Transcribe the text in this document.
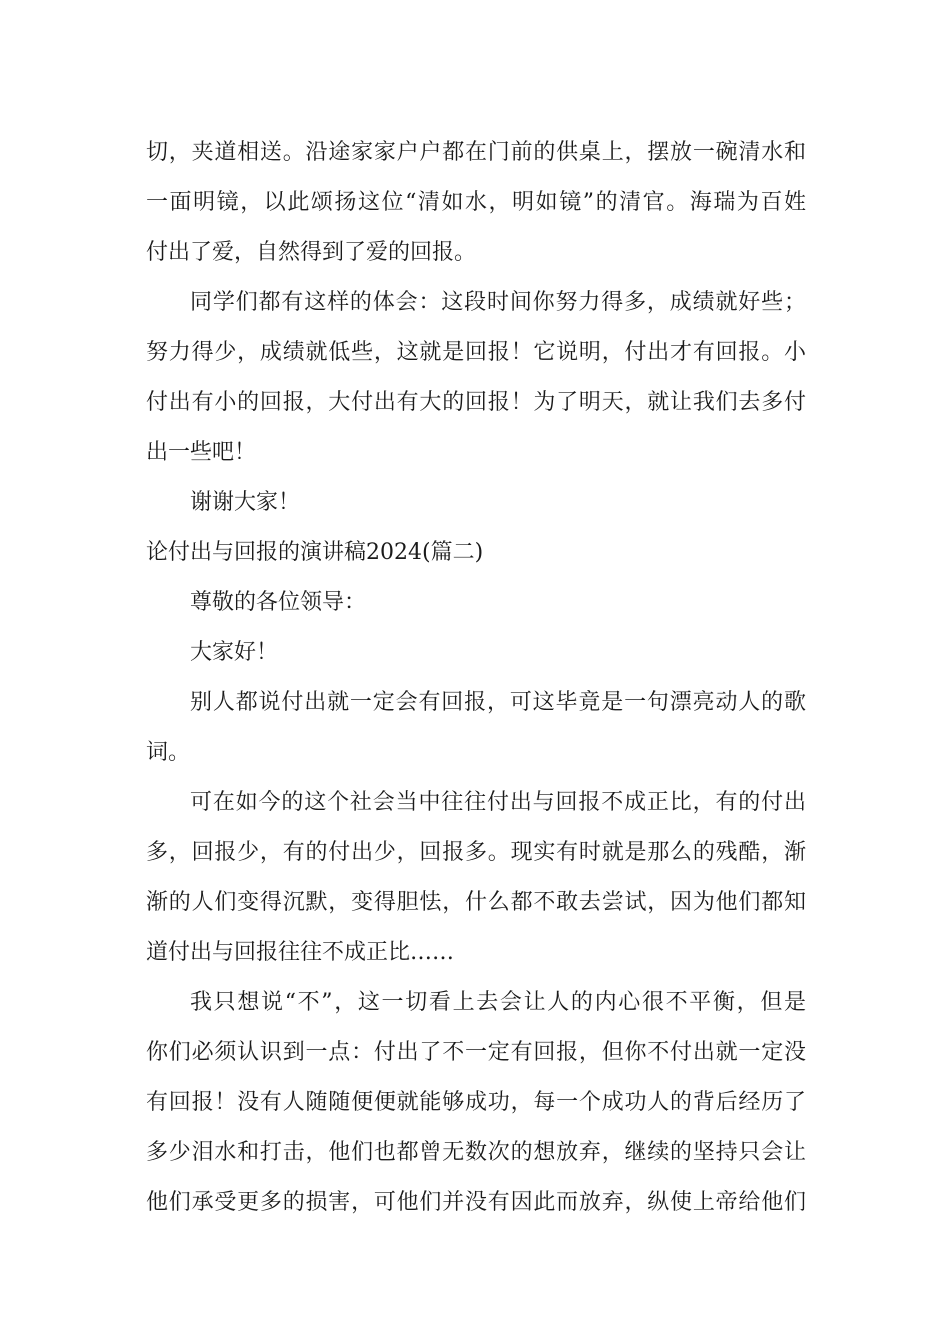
切，夹道相送。沿途家家户户都在门前的供桌上，摆放一碗清水和
一面明镜，以此颂扬这位“清如水，明如镜”的清官。海瑞为百姓
付出了爱，自然得到了爱的回报。
同学们都有这样的体会：这段时间你努力得多，成绩就好些；
努力得少，成绩就低些，这就是回报！它说明，付出才有回报。小
付出有小的回报，大付出有大的回报！为了明天，就让我们去多付
出一些吧！
谢谢大家！
论付出与回报的演讲稿2024(篇二)
尊敬的各位领导：
大家好！
别人都说付出就一定会有回报，可这毕竟是一句漂亮动人的歌
词。
可在如今的这个社会当中往往付出与回报不成正比，有的付出
多，回报少，有的付出少，回报多。现实有时就是那么的残酷，渐
渐的人们变得沉默，变得胆怯，什么都不敢去尝试，因为他们都知
道付出与回报往往不成正比……
我只想说“不”，这一切看上去会让人的内心很不平衡，但是
你们必须认识到一点：付出了不一定有回报，但你不付出就一定没
有回报！没有人随随便便就能够成功，每一个成功人的背后经历了
多少泪水和打击，他们也都曾无数次的想放弃，继续的坚持只会让
他们承受更多的损害，可他们并没有因此而放弃，纵使上帝给他们
